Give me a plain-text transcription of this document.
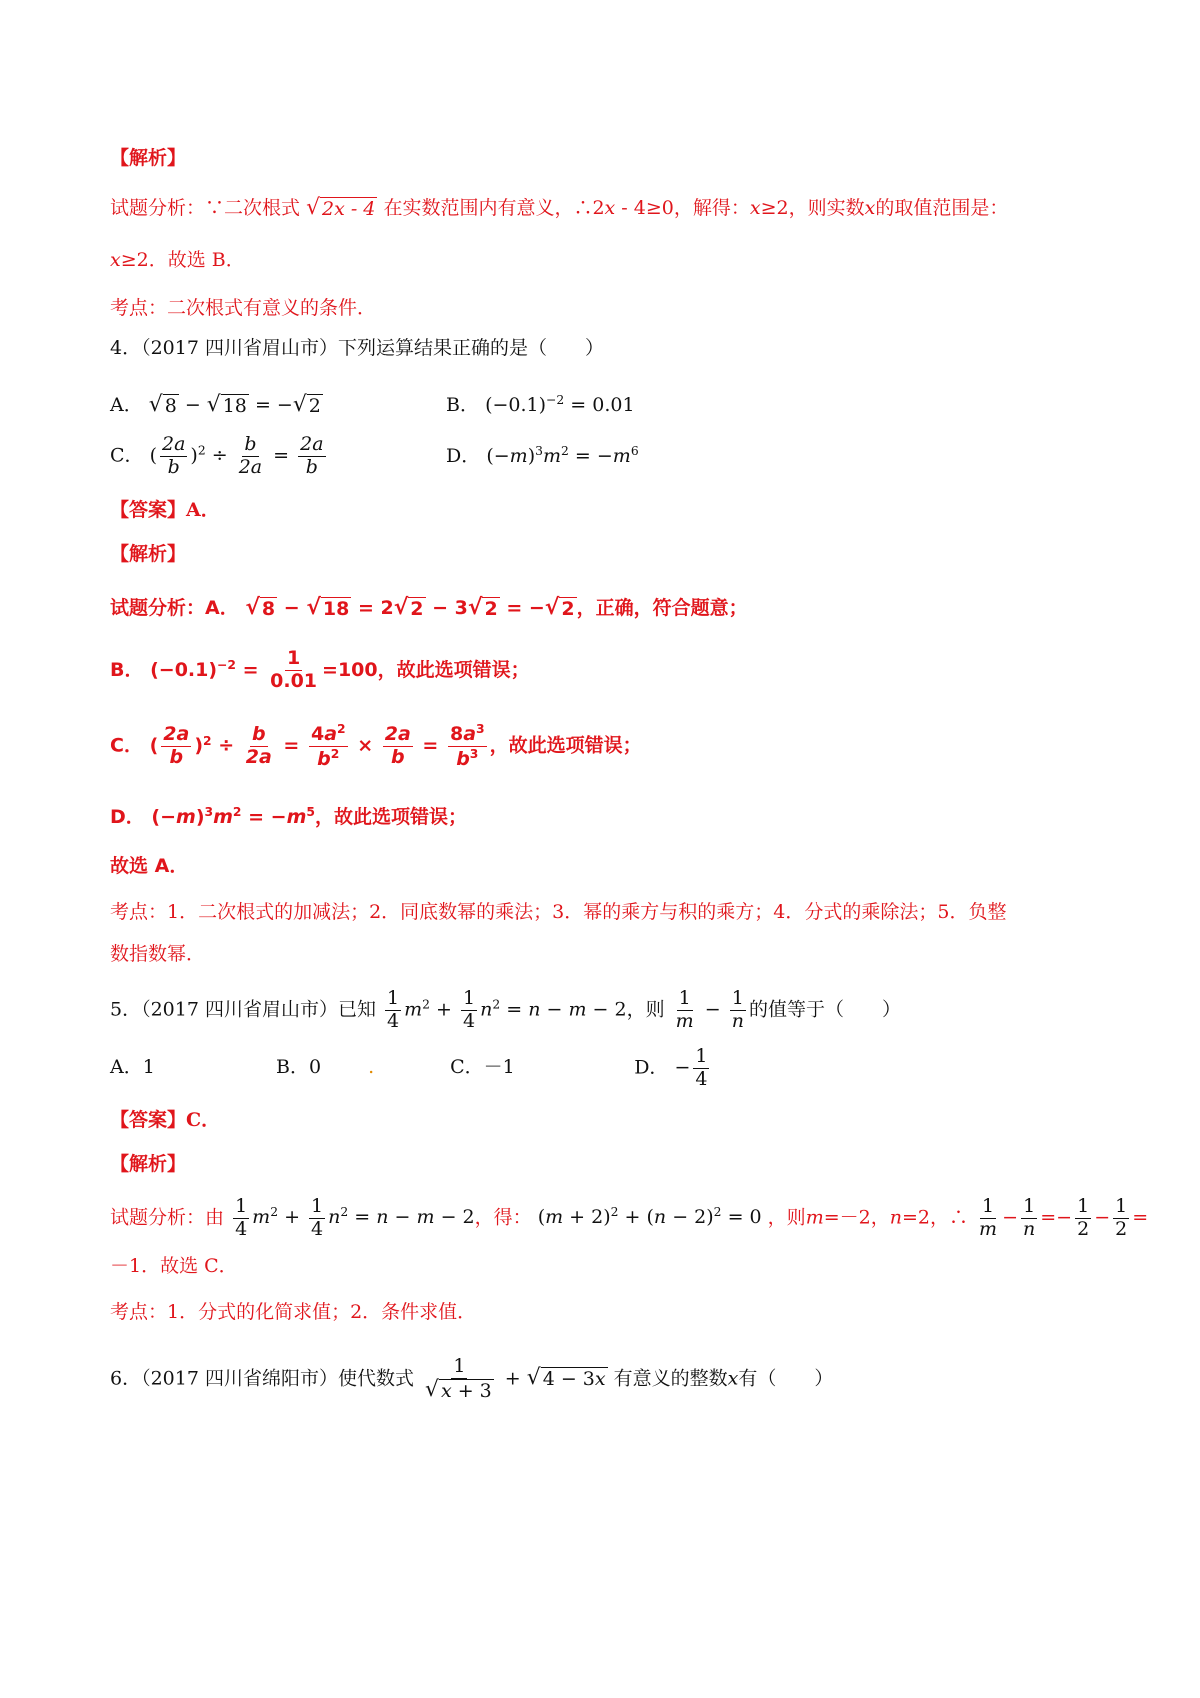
【解析】
试题分析：∵二次根式 √ 2x - 4 在实数范围内有意义，∴2x - 4≥0，解得：x≥2，则实数x的取值范围是：
x≥2．故选 B．
考点：二次根式有意义的条件．
4．（2017 四川省眉山市）下列运算结果正确的是（　　）
A． √ 8 − √ 18 = − √ 2	B． $(-0.1)^{-2} = 0.01$
C． ( $\frac{2a}{b} )^2 \div \frac{b}{2a} = \frac{2a}{b}$	D． $(-m)^3m^2 = -m^6$
【答案】A．
【解析】
试题分析：A． √ 8 − √ 18 = 2 √ 2 − 3 √ 2 = − √ 2 ，正确，符合题意；
B． $(-0.1)^{-2} = \frac{1}{0.01} =100$，故此选项错误；
C． ( $\frac{2a}{b} )^2 \div \frac{b}{2a} = \frac{4a^2}{b^2} \times \frac{2a}{b} = \frac{8a^3}{b^3}$ ，故此选项错误；
D． $(-m)^3m^2 = -m^5$，故此选项错误；
故选 A．
考点：1．二次根式的加减法；2．同底数幂的乘法；3．幂的乘方与积的乘方；4．分式的乘除法；5．负整
数指数幂．
5．（2017 四川省眉山市）已知 $\frac{1}{4} m^2 + \frac{1}{4} n^2 = n - m - 2$，则 $\frac{1}{m} - \frac{1}{n}$ 的值等于（　　）
A．1	B．0 .	C．－1	D． − $\frac{1}{4}$
【答案】C．
【解析】
试题分析：由 $\frac{1}{4} m^2 + \frac{1}{4} n^2 = n - m - 2$，得： $(m + 2)^2 + (n - 2)^2 = 0$ ，则m=－2，n=2，∴ $\frac{1}{m} - \frac{1}{n} =- \frac{1}{2} - \frac{1}{2}$ =
－1．故选 C．
考点：1．分式的化简求值；2．条件求值．
6．（2017 四川省绵阳市）使代数式 $\frac{1}{√ x + 3}$ + √ 4 − 3x 有意义的整数x有（　　）
